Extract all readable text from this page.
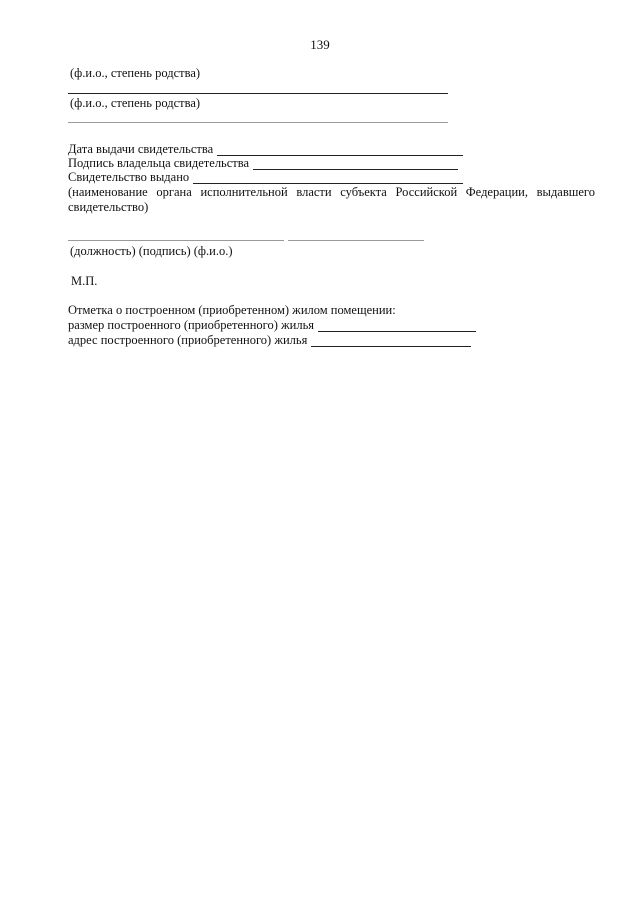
139
(ф.и.о., степень родства)
(ф.и.о., степень родства)
Дата выдачи свидетельства
Подпись владельца свидетельства
Свидетельство выдано
(наименование органа исполнительной власти субъекта Российской Федерации, выдавшего
свидетельство)
(должность) (подпись) (ф.и.о.)
М.П.
Отметка о построенном (приобретенном) жилом помещении:
размер построенного (приобретенного) жилья
адрес построенного (приобретенного) жилья
